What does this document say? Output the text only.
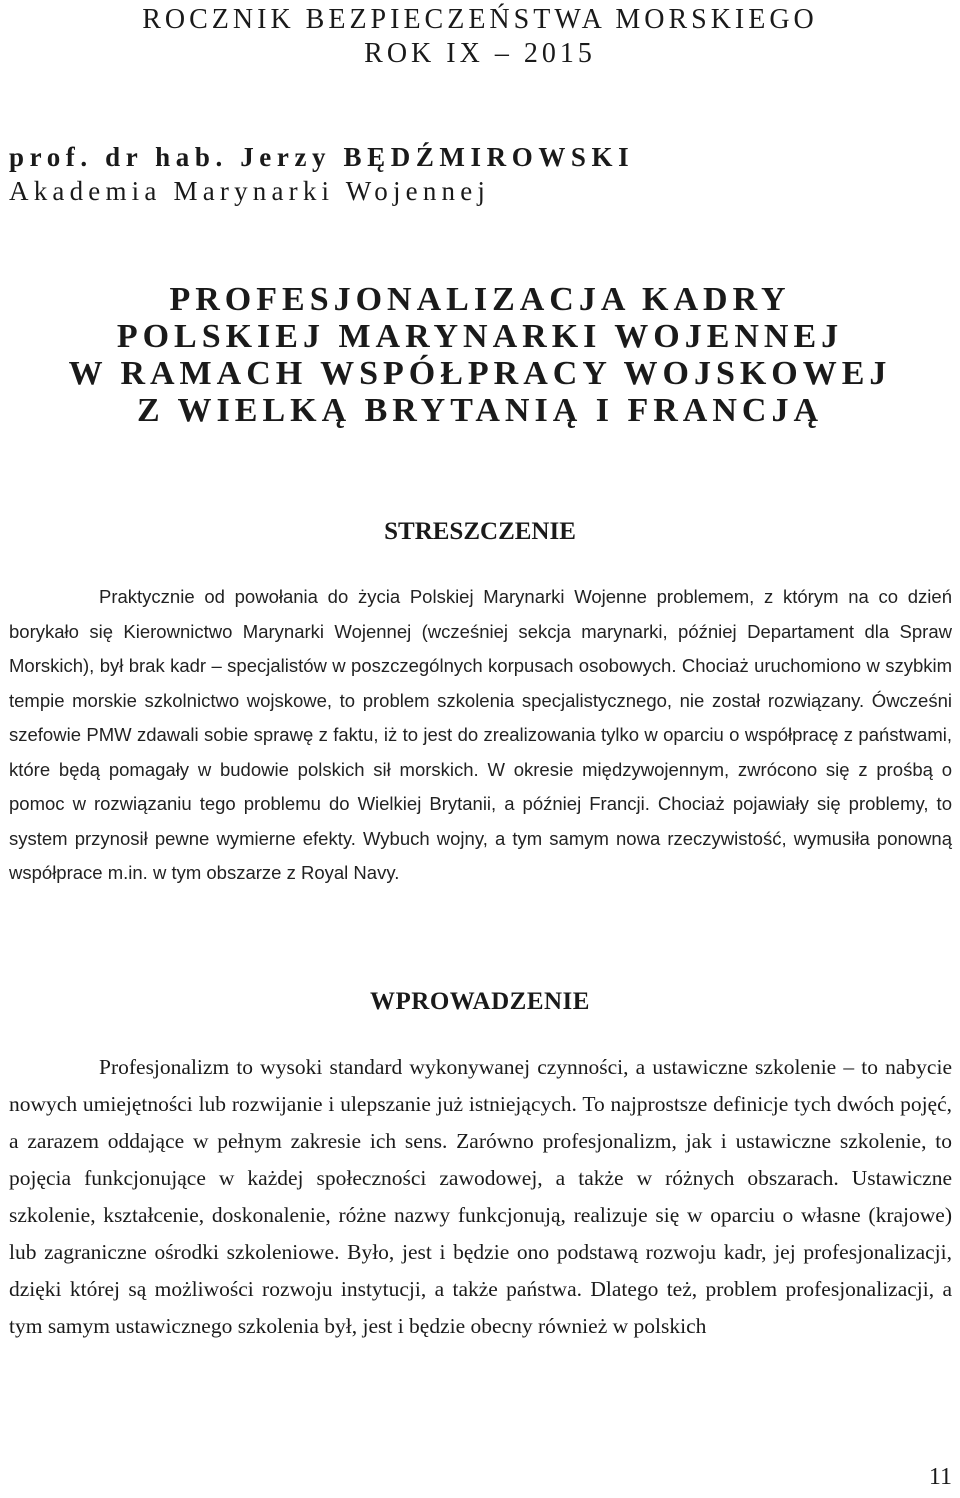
ROCZNIK BEZPIECZEŃSTWA MORSKIEGO
ROK IX – 2015
prof. dr hab. Jerzy BĘDŹMIROWSKI
Akademia Marynarki Wojennej
PROFESJONALIZACJA KADRY
POLSKIEJ MARYNARKI WOJENNEJ
W RAMACH WSPÓŁPRACY WOJSKOWEJ
Z WIELKĄ BRYTANIĄ I FRANCJĄ
STRESZCZENIE

Praktycznie od powołania do życia Polskiej Marynarki Wojenne problemem, z którym na co dzień borykało się Kierownictwo Marynarki Wojennej (wcześniej sekcja marynarki, później Departament dla Spraw Morskich), był brak kadr – specjalistów w poszczególnych korpusach osobowych. Chociaż uruchomiono w szybkim tempie morskie szkolnictwo wojskowe, to problem szkolenia specjalistycznego, nie został rozwiązany. Ówcześni szefowie PMW zdawali sobie sprawę z faktu, iż to jest do zrealizowania tylko w oparciu o współpracę z państwami, które będą pomagały w budowie polskich sił morskich. W okresie międzywojennym, zwrócono się z prośbą o pomoc w rozwiązaniu tego problemu do Wielkiej Brytanii, a później Francji. Chociaż pojawiały się problemy, to system przynosił pewne wymierne efekty. Wybuch wojny, a tym samym nowa rzeczywistość, wymusiła ponowną współprace m.in. w tym obszarze z Royal Navy.

WPROWADZENIE

Profesjonalizm to wysoki standard wykonywanej czynności, a ustawiczne szkolenie – to nabycie nowych umiejętności lub rozwijanie i ulepszanie już istniejących. To najprostsze definicje tych dwóch pojęć, a zarazem oddające w pełnym zakresie ich sens. Zarówno profesjonalizm, jak i ustawiczne szkolenie, to pojęcia funkcjonujące w każdej społeczności zawodowej, a także w różnych obszarach. Ustawiczne szkolenie, kształcenie, doskonalenie, różne nazwy funkcjonują, realizuje się w oparciu o własne (krajowe) lub zagraniczne ośrodki szkoleniowe. Było, jest i będzie ono podstawą rozwoju kadr, jej profesjonalizacji, dzięki której są możliwości rozwoju instytucji, a także państwa. Dlatego też, problem profesjonalizacji, a tym samym ustawicznego szkolenia był, jest i będzie obecny również w polskich

11
